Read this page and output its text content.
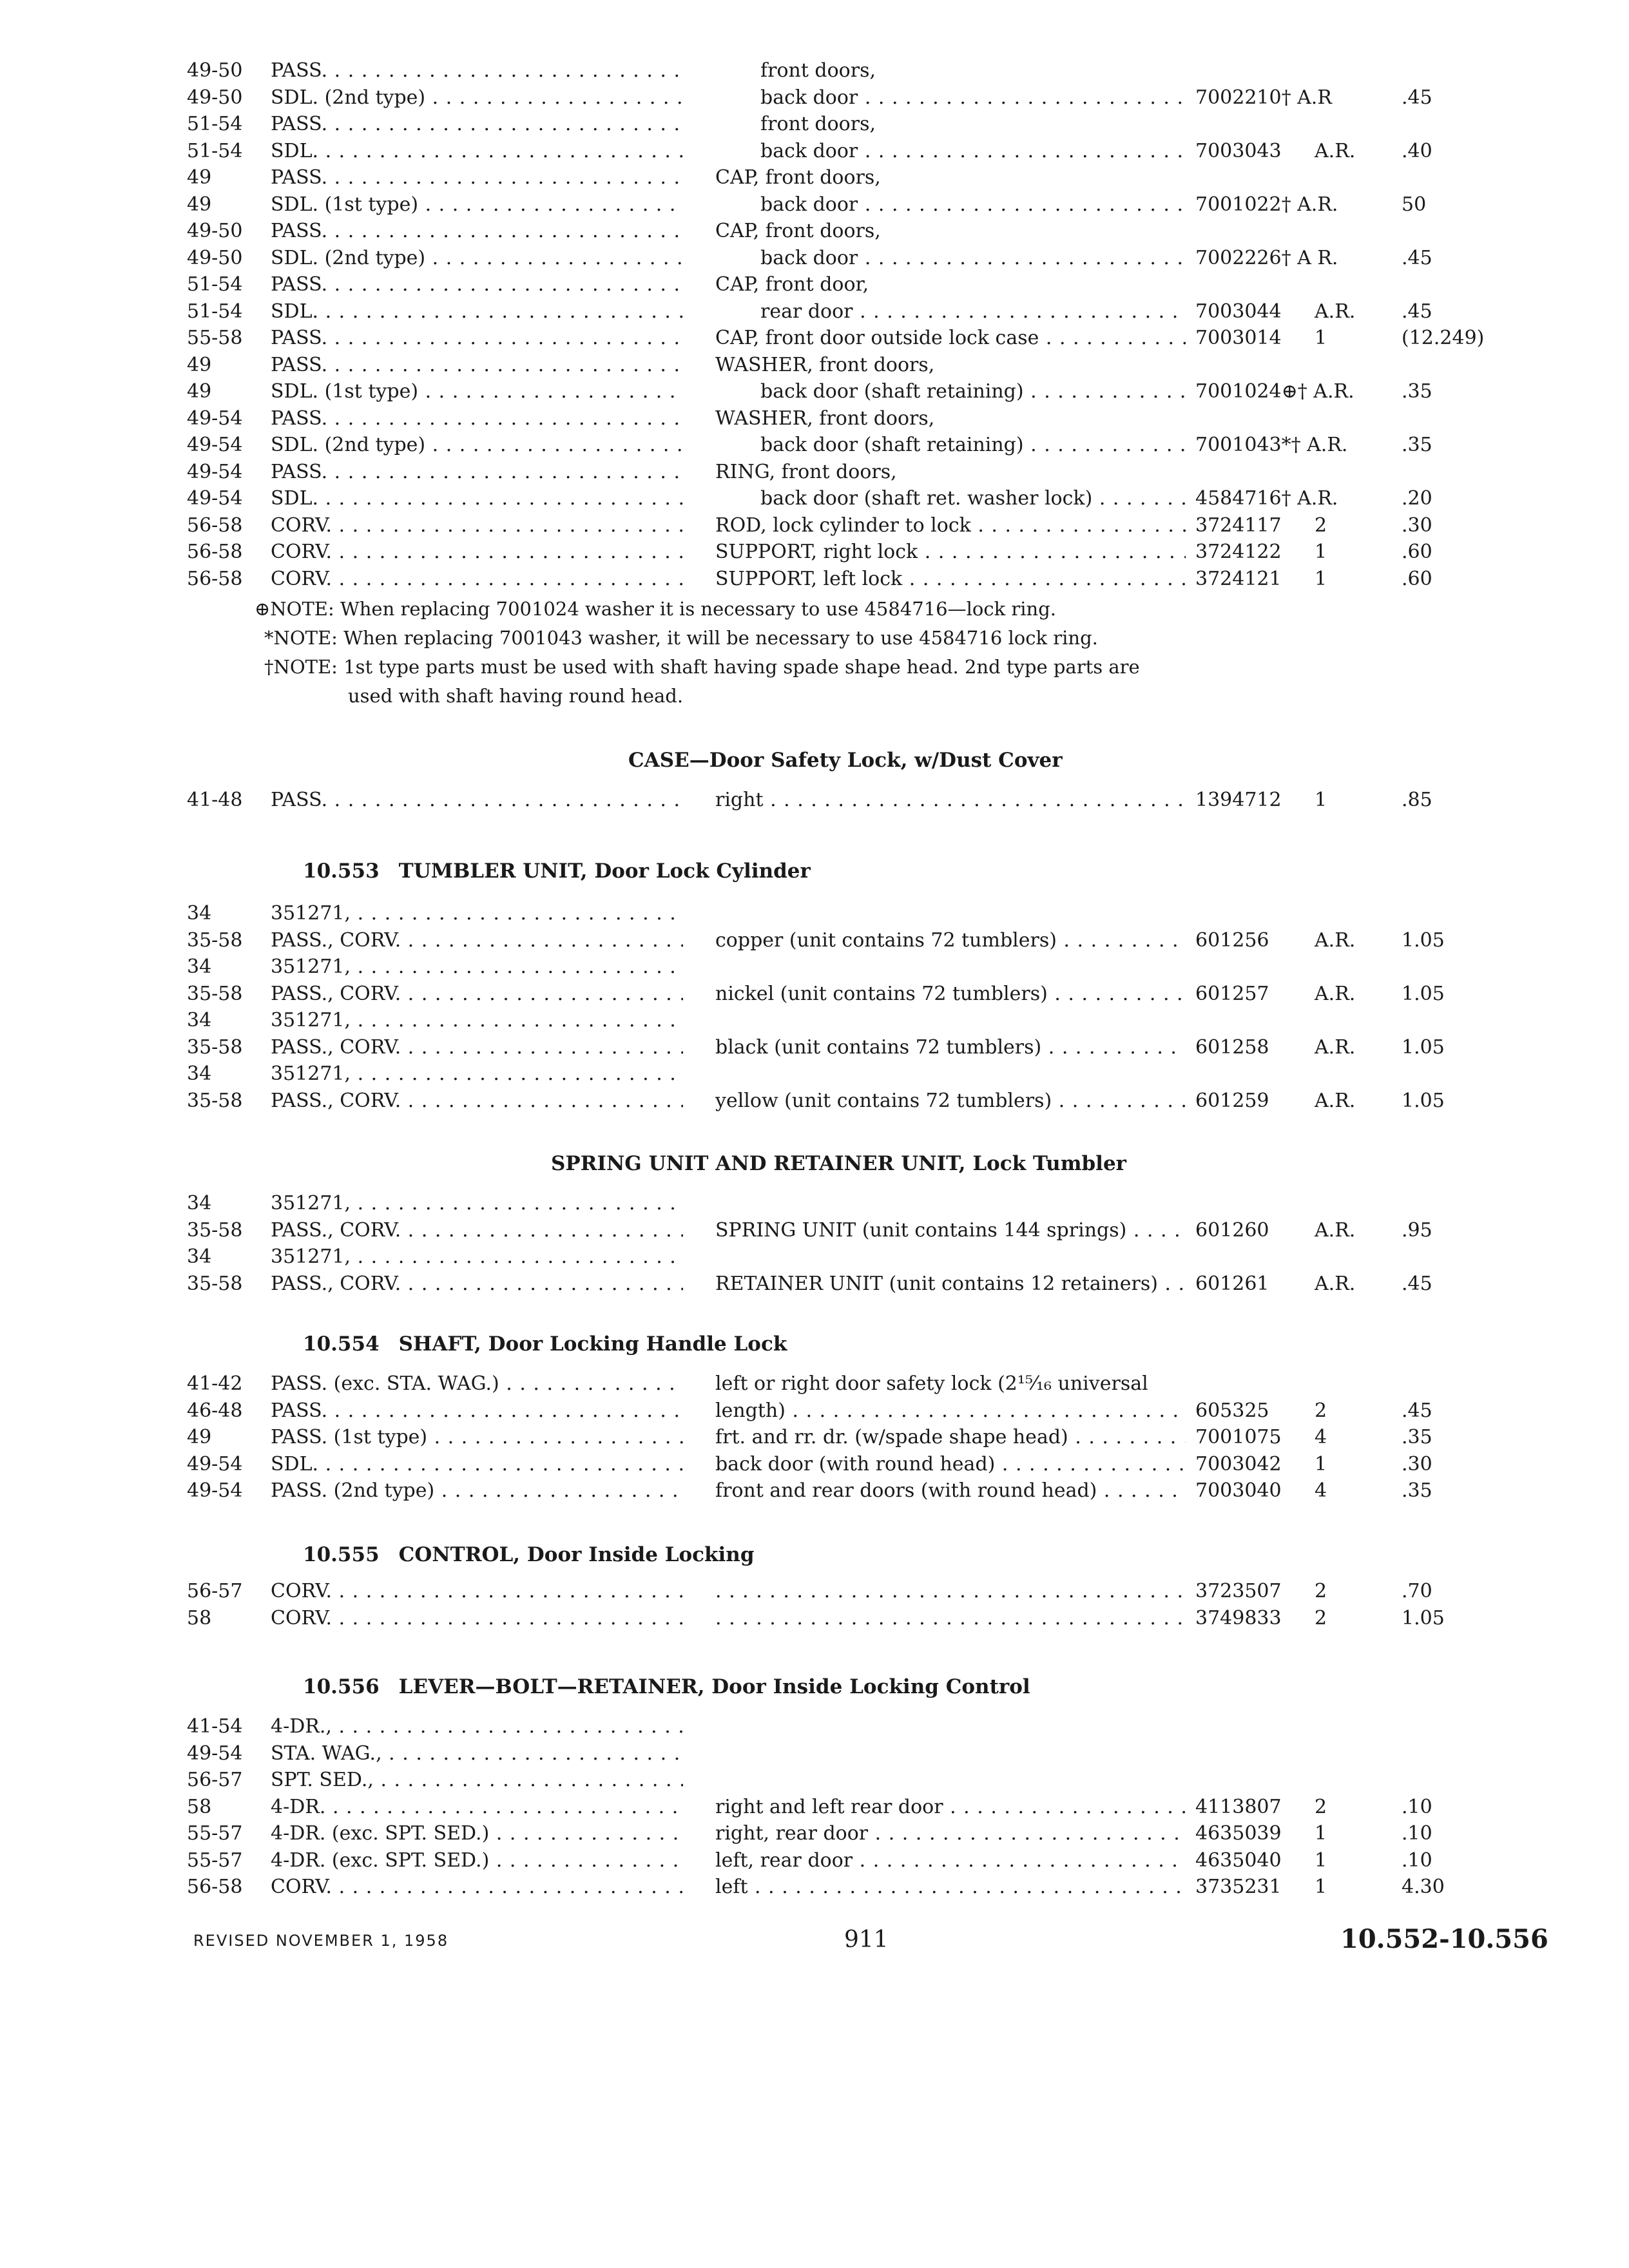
49-50 PASS. . . .	front doors,
49-50 SDL. (2nd type) . . .	back door . . .	7002210† A.R	.45
51-54 PASS. . . .	front doors,
51-54 SDL. . . .	back door . . .	7003043 A.R. .40
49	PASS. . . .	CAP, front doors,
49	SDL. (1st type) . . .	back door . . .	7001022† A.R.	50
49-50 PASS. . . .	CAP, front doors,
49-50 SDL. (2nd type) . . .	back door . . .	7002226† A R.	.45
51-54 PASS. . . .	CAP, front door,
51-54 SDL. . . .	rear door . . .	7003044 A.R. .45
55-58 PASS. . . .	CAP, front door outside lock case . . .	7003014 1	(12.249)
49	PASS. . . .	WASHER, front doors,
49	SDL. (1st type) . . .	back door (shaft retaining) . . .	7001024⊕† A.R. .35
49-54 PASS. . . .	WASHER, front doors,
49-54 SDL. (2nd type) . . .	back door (shaft retaining) . . .	7001043*† A.R.	.35
49-54 PASS. . . .	RING, front doors,
49-54 SDL. . . .	back door (shaft ret. washer lock) . . .	4584716† A.R.	.20
56-58 CORV. . . .	ROD, lock cylinder to lock . . .	3724117 2	.30
56-58 CORV. . . .	SUPPORT, right lock . . .	3724122 1	.60
56-58 CORV. . . .	SUPPORT, left lock . . .	3724121 1	.60
⊕NOTE: When replacing 7001024 washer it is necessary to use 4584716—lock ring.
*NOTE: When replacing 7001043 washer, it will be necessary to use 4584716 lock ring.
†NOTE: 1st type parts must be used with shaft having spade shape head. 2nd type parts are
used with shaft having round head.
CASE—Door Safety Lock, w/Dust Cover
41-48 PASS. . . .	right . . .	1394712 1	.85
10.553 TUMBLER UNIT, Door Lock Cylinder
34	351271, . . .
35-58 PASS., CORV. . . .	copper (unit contains 72 tumblers) . . .	601256 A.R. 1.05
34	351271, . . .
35-58 PASS., CORV. . . .	nickel (unit contains 72 tumblers) . . .	601257 A.R. 1.05
34	351271, . . .
35-58 PASS., CORV. . . .	black (unit contains 72 tumblers) . . .	601258 A.R. 1.05
34	351271, . . .
35-58 PASS., CORV. . . .	yellow (unit contains 72 tumblers) . . .	601259 A.R. 1.05
SPRING UNIT AND RETAINER UNIT, Lock Tumbler
34	351271, . . .
35-58 PASS., CORV. . . .	SPRING UNIT (unit contains 144 springs) . . .	601260 A.R. .95
34	351271, . . .
35-58 PASS., CORV. . . .	RETAINER UNIT (unit contains 12 retainers) . . .	601261 A.R. .45
10.554 SHAFT, Door Locking Handle Lock
41-42 PASS. (exc. STA. WAG.) . . .	left or right door safety lock (2¹⁵⁄₁₆ universal
46-48 PASS. . . .	length) . . .	605325 2	.45
49	PASS. (1st type) . . .	frt. and rr. dr. (w/spade shape head) . . .	7001075 4	.35
49-54 SDL. . . .	back door (with round head) . . .	7003042 1	.30
49-54 PASS. (2nd type) . . .	front and rear doors (with round head) . . .	7003040 4	.35
10.555 CONTROL, Door Inside Locking
56-57 CORV. . . . . . .	3723507 2	.70
58	CORV. . . . . . .	3749833 2	1.05
10.556 LEVER—BOLT—RETAINER, Door Inside Locking Control
41-54 4-DR., . . .
49-54 STA. WAG., . . .
56-57 SPT. SED., . . .
58	4-DR. . . .	right and left rear door . . .	4113807 2	.10
55-57 4-DR. (exc. SPT. SED.) . . .	right, rear door . . .	4635039 1	.10
55-57 4-DR. (exc. SPT. SED.) . . .	left, rear door . . .	4635040 1	.10
56-58 CORV. . . .	left . . .	3735231 1	4.30
REVISED NOVEMBER 1, 1958	911	10.552-10.556
